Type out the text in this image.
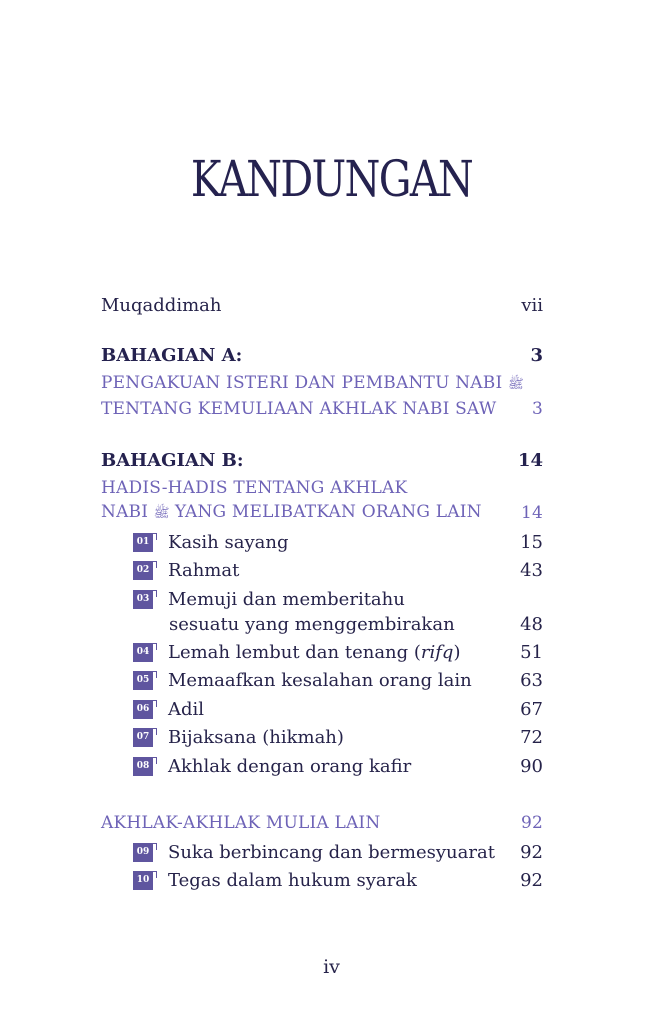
KANDUNGAN
Muqaddimah	vii
BAHAGIAN A:	3
PENGAKUAN ISTERI DAN PEMBANTU NABI ﷺ
TENTANG KEMULIAAN AKHLAK NABI SAW	3
BAHAGIAN B:	14
HADIS-HADIS TENTANG AKHLAK
NABI ﷺ YANG MELIBATKAN ORANG LAIN	14
01 Kasih sayang	15
02 Rahmat	43
03 Memuji dan memberitahu
sesuatu yang menggembirakan	48
04 Lemah lembut dan tenang (rifq)	51
05 Memaafkan kesalahan orang lain	63
06 Adil	67
07 Bijaksana (hikmah)	72
08 Akhlak dengan orang kafir	90
AKHLAK-AKHLAK MULIA LAIN	92
09 Suka berbincang dan bermesyuarat	92
10 Tegas dalam hukum syarak	92
iv
